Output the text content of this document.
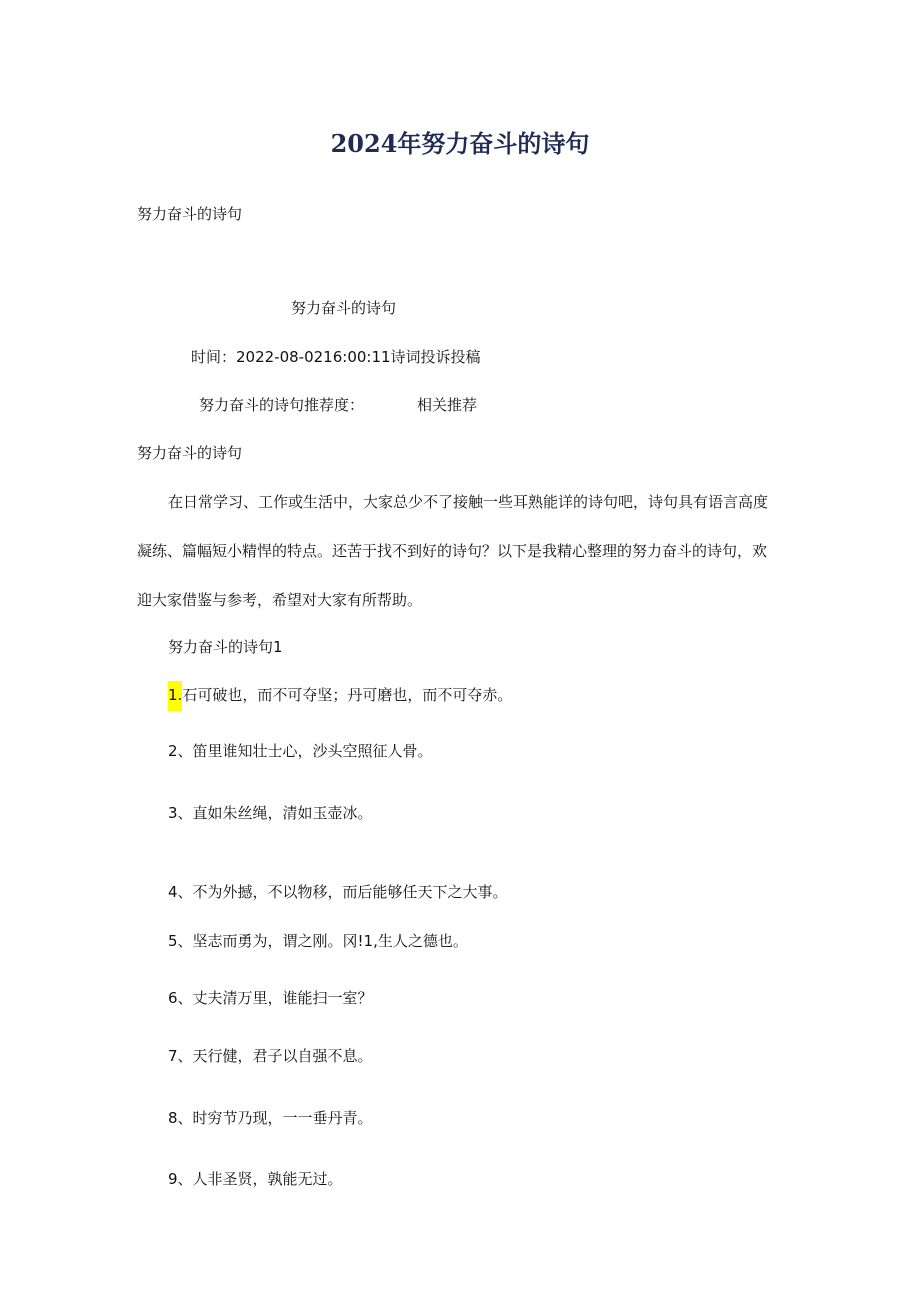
2024年努力奋斗的诗句
努力奋斗的诗句
努力奋斗的诗句
时间：2022-08-0216:00:11诗词投诉投稿
努力奋斗的诗句推荐度：	相关推荐
努力奋斗的诗句
在日常学习、工作或生活中，大家总少不了接触一些耳熟能详的诗句吧，诗句具有语言高度
凝练、篇幅短小精悍的特点。还苦于找不到好的诗句？以下是我精心整理的努力奋斗的诗句，欢
迎大家借鉴与参考，希望对大家有所帮助。
努力奋斗的诗句1
1.石可破也，而不可夺坚；丹可磨也，而不可夺赤。
2、笛里谁知壮士心，沙头空照征人骨。
3、直如朱丝绳，清如玉壶冰。
4、不为外撼，不以物移，而后能够任天下之大事。
5、坚志而勇为，谓之刚。冈!1,生人之德也。
6、丈夫清万里，谁能扫一室？
7、天行健，君子以自强不息。
8、时穷节乃现，一一垂丹青。
9、人非圣贤，孰能无过。
